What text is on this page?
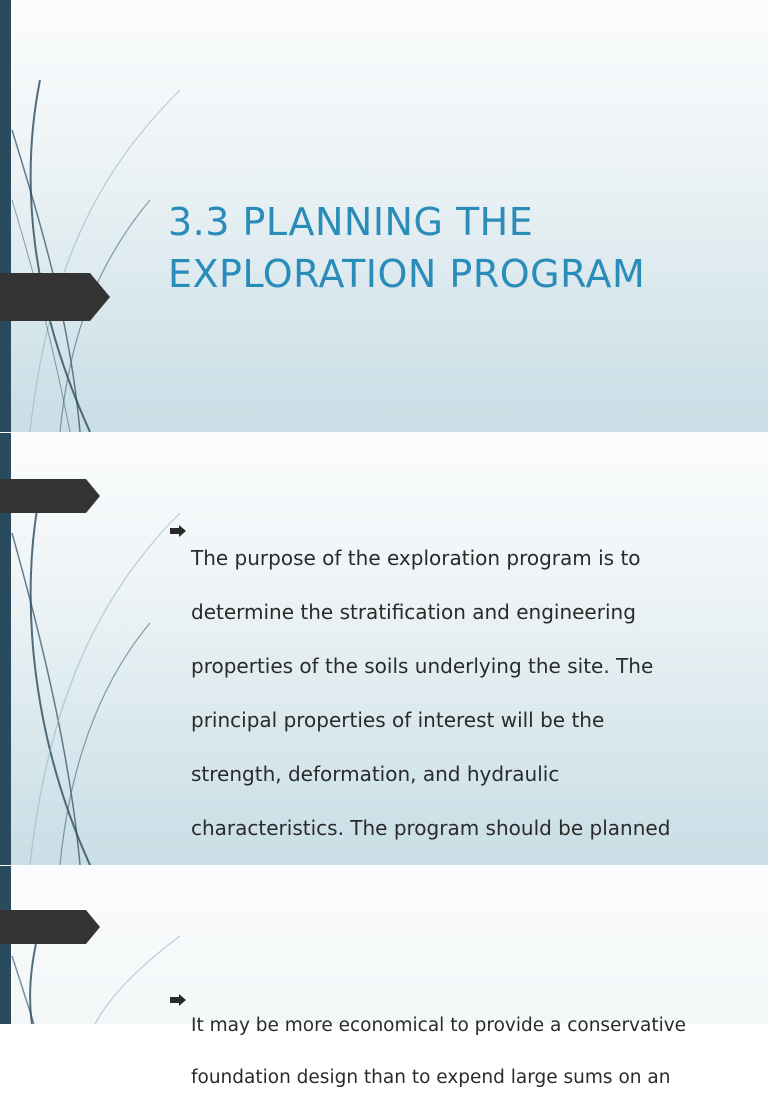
3.3 PLANNING THE
EXPLORATION PROGRAM

The purpose of the exploration program is to

determine the stratification and engineering

properties of the soils underlying the site. The

principal properties of interest will be the

strength, deformation, and hydraulic

characteristics. The program should be planned

It may be more economical to provide a conservative

foundation design than to expend large sums on an
